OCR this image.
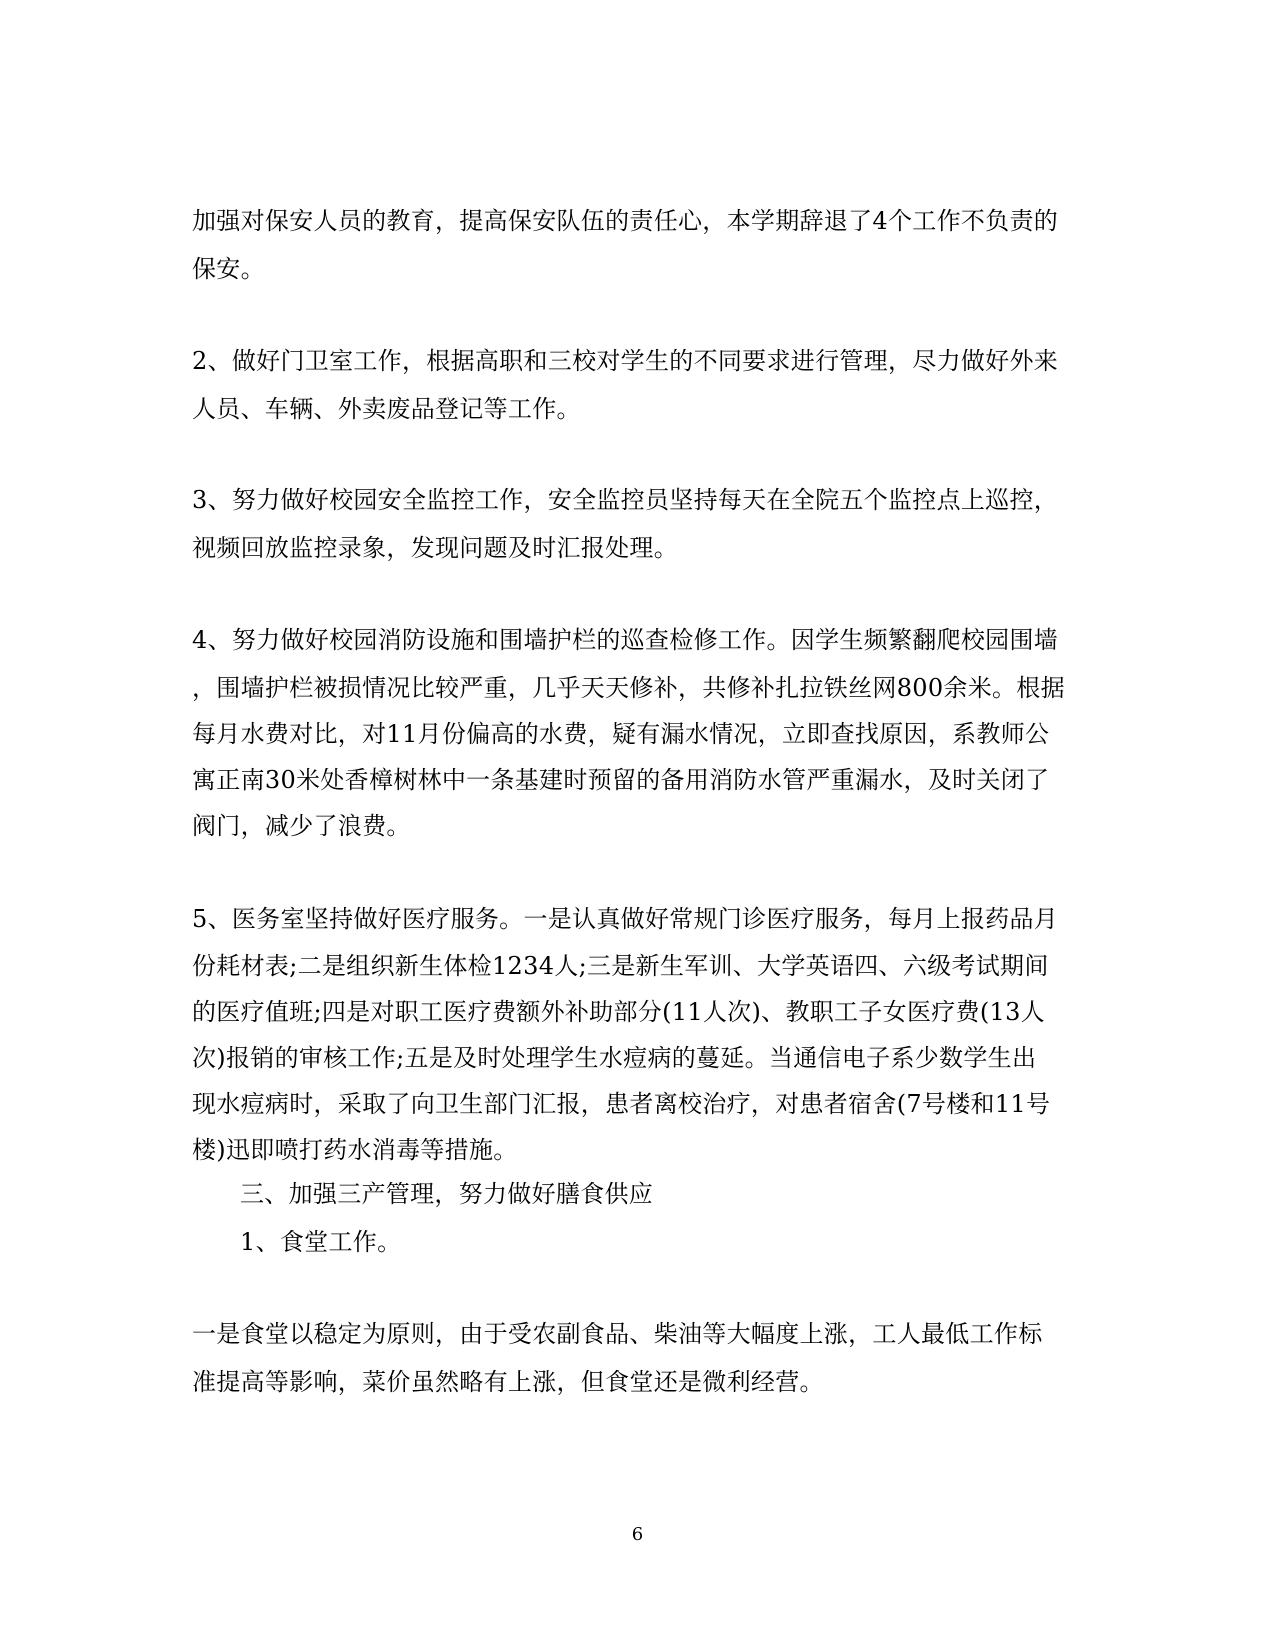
加强对保安人员的教育，提高保安队伍的责任心，本学期辞退了4个工作不负责的
保安。
2、做好门卫室工作，根据高职和三校对学生的不同要求进行管理，尽力做好外来
人员、车辆、外卖废品登记等工作。
3、努力做好校园安全监控工作，安全监控员坚持每天在全院五个监控点上巡控，
视频回放监控录象，发现问题及时汇报处理。
4、努力做好校园消防设施和围墙护栏的巡查检修工作。因学生频繁翻爬校园围墙
，围墙护栏被损情况比较严重，几乎天天修补，共修补扎拉铁丝网800余米。根据
每月水费对比，对11月份偏高的水费，疑有漏水情况，立即查找原因，系教师公
寓正南30米处香樟树林中一条基建时预留的备用消防水管严重漏水，及时关闭了
阀门，减少了浪费。
5、医务室坚持做好医疗服务。一是认真做好常规门诊医疗服务，每月上报药品月
份耗材表;二是组织新生体检1234人;三是新生军训、大学英语四、六级考试期间
的医疗值班;四是对职工医疗费额外补助部分(11人次)、教职工子女医疗费(13人
次)报销的审核工作;五是及时处理学生水痘病的蔓延。当通信电子系少数学生出
现水痘病时，采取了向卫生部门汇报，患者离校治疗，对患者宿舍(7号楼和11号
楼)迅即喷打药水消毒等措施。
三、加强三产管理，努力做好膳食供应
1、食堂工作。
一是食堂以稳定为原则，由于受农副食品、柴油等大幅度上涨，工人最低工作标
准提高等影响，菜价虽然略有上涨，但食堂还是微利经营。
6
